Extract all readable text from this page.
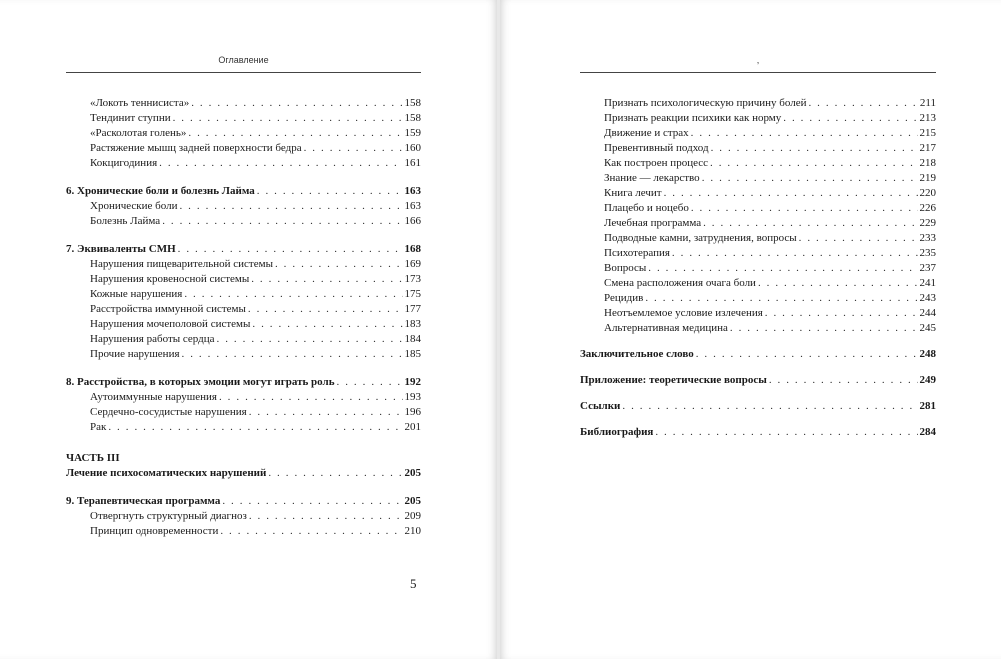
Оглавление
«Локоть теннисиста» . . .	158
Тендинит ступни . . .	158
«Расколотая голень» . . .	159
Растяжение мышц задней поверхности бедра . . .	160
Кокцигодиния . . .	161
6. Хронические боли и болезнь Лайма . . .	163
Хронические боли . . .	163
Болезнь Лайма . . .	166
7. Эквиваленты СМН . . .	168
Нарушения пищеварительной системы . . .	169
Нарушения кровеносной системы . . .	173
Кожные нарушения . . .	175
Расстройства иммунной системы . . .	177
Нарушения мочеполовой системы . . .	183
Нарушения работы сердца . . .	184
Прочие нарушения . . .	185
8. Расстройства, в которых эмоции могут играть роль . . .	192
Аутоиммунные нарушения . . .	193
Сердечно-сосудистые нарушения . . .	196
Рак . . .	201
ЧАСТЬ III
Лечение психосоматических нарушений . . .	205
9. Терапевтическая программа . . .	205
Отвергнуть структурный диагноз . . .	209
Принцип одновременности . . .	210
5
,
Признать психологическую причину болей . . .	211
Признать реакции психики как норму . . .	213
Движение и страх . . .	215
Превентивный подход . . .	217
Как построен процесс . . .	218
Знание — лекарство . . .	219
Книга лечит . . .	220
Плацебо и ноцебо . . .	226
Лечебная программа . . .	229
Подводные камни, затруднения, вопросы . . .	233
Психотерапия . . .	235
Вопросы . . .	237
Смена расположения очага боли . . .	241
Рецидив . . .	243
Неотъемлемое условие излечения . . .	244
Альтернативная медицина . . .	245
Заключительное слово . . .	248
Приложение: теоретические вопросы . . .	249
Ссылки . . .	281
Библиография . . .	284
